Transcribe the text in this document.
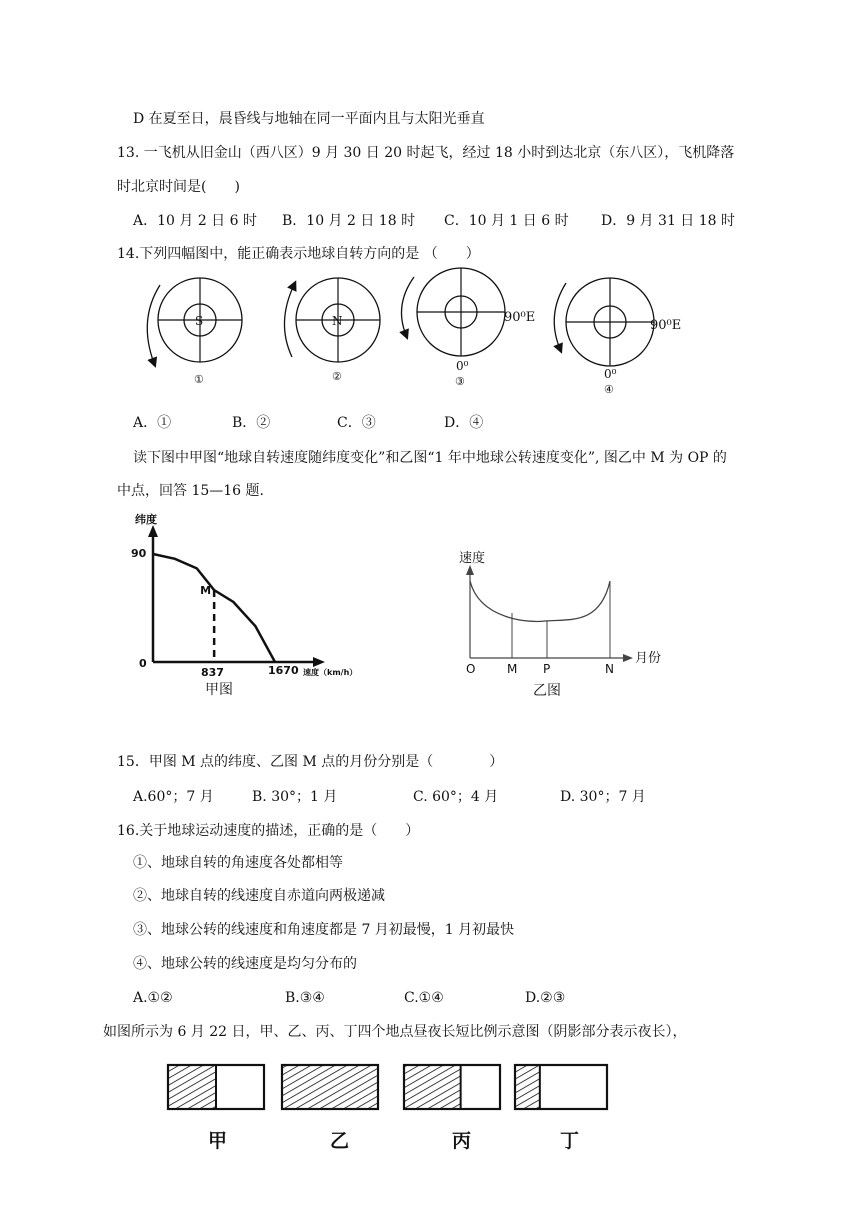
D 在夏至日，晨昏线与地轴在同一平面内且与太阳光垂直
13. 一飞机从旧金山（西八区）9 月 30 日 20 时起飞，经过 18 小时到达北京（东八区），飞机降落
时北京时间是(　　)
A．10 月 2 日 6 时 B．10 月 2 日 18 时 C．10 月 1 日 6 时 D．9 月 31 日 18 时
14.下列四幅图中，能正确表示地球自转方向的是 （　　）
S
①
N
②
90⁰E
0⁰
③
90⁰E
0⁰
④
A．①	B．②	C．③	D．④
读下图中甲图“地球自转速度随纬度变化”和乙图“1 年中地球公转速度变化”, 图乙中 M 为 OP 的
中点，回答 15—16 题.
纬度
90
0
M
837	1670 速度（km/h）
甲图
速度
O	M P	N
月份
乙图
15．甲图 M 点的纬度、乙图 M 点的月份分别是（　　　　）
A.60°；7 月	B. 30°；1 月	C. 60°；4 月	D. 30°；7 月
16.关于地球运动速度的描述，正确的是（　　）
①、地球自转的角速度各处都相等
②、地球自转的线速度自赤道向两极递减
③、地球公转的线速度和角速度都是 7 月初最慢，1 月初最快
④、地球公转的线速度是均匀分布的
A.①②	B.③④	C.①④	D.②③
如图所示为 6 月 22 日，甲、乙、丙、丁四个地点昼夜长短比例示意图（阴影部分表示夜长），
甲	乙	丙	丁
